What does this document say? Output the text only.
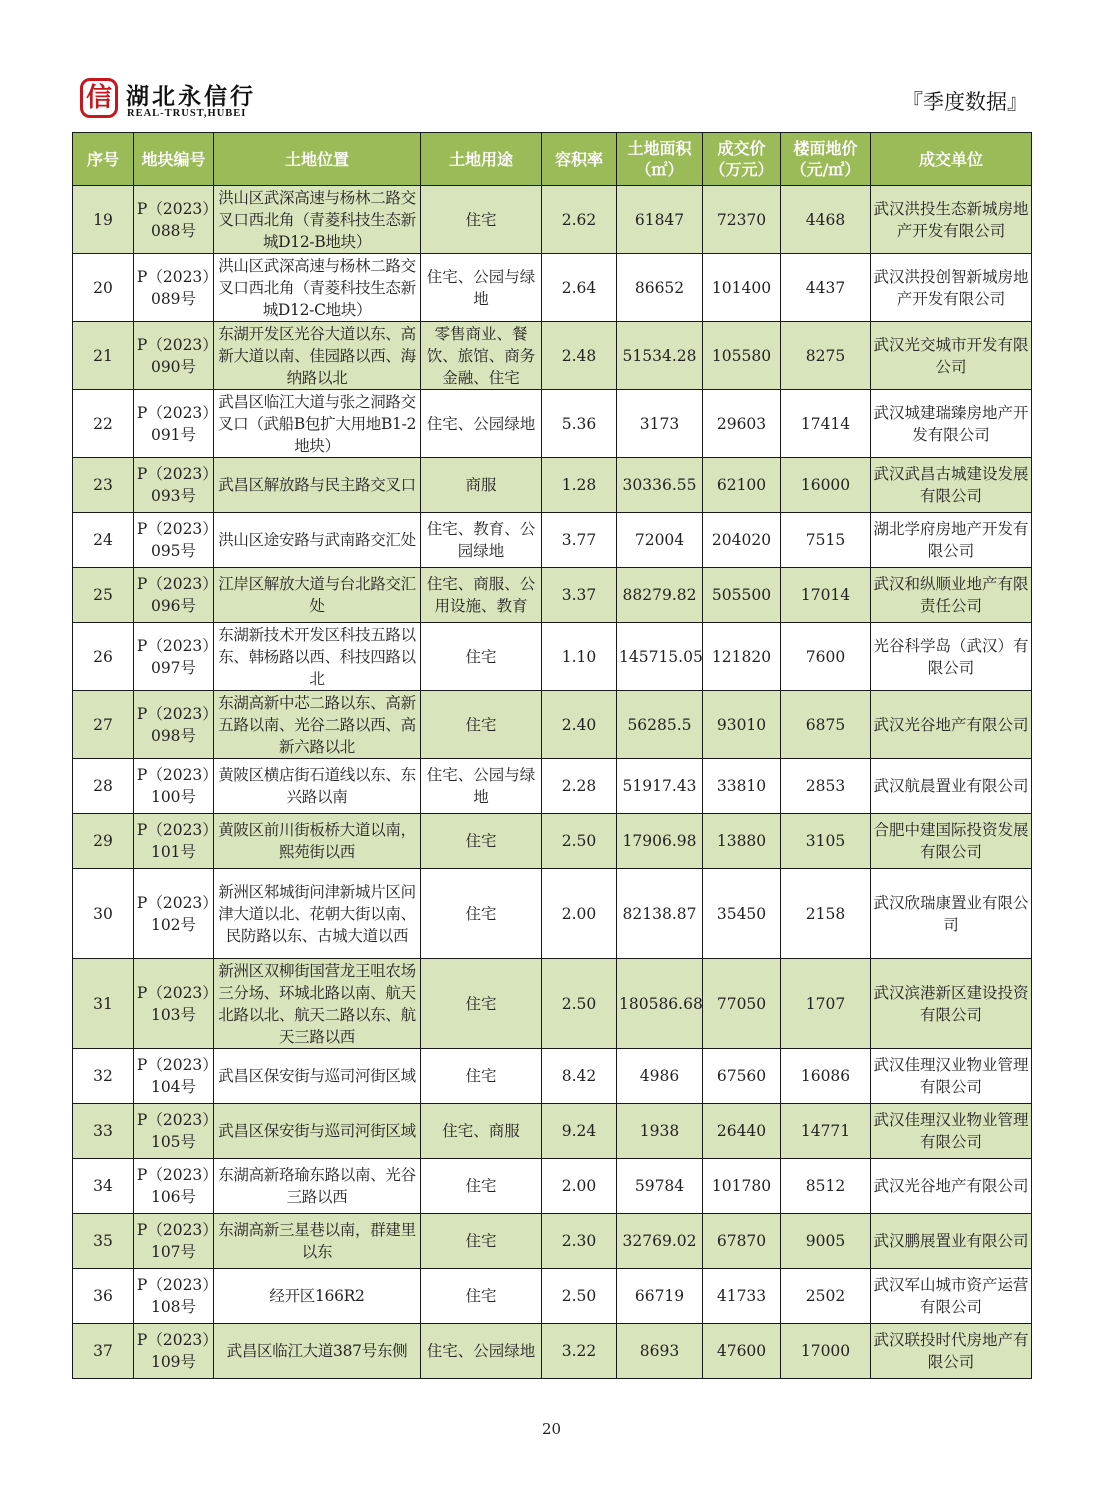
信 湖北永信行
REAL-TRUST,HUBEI	『季度数据』
序号	地块编号	土地位置	土地用途	容积率	土地面积（㎡）	成交价（万元）	楼面地价（元/㎡）	成交单位
19	P（2023）088号	洪山区武深高速与杨林二路交叉口西北角（青菱科技生态新城D12-B地块）	住宅	2.62	61847	72370	4468	武汉洪投生态新城房地产开发有限公司
20	P（2023）089号	洪山区武深高速与杨林二路交叉口西北角（青菱科技生态新城D12-C地块）	住宅、公园与绿地	2.64	86652	101400	4437	武汉洪投创智新城房地产开发有限公司
21	P（2023）090号	东湖开发区光谷大道以东、高新大道以南、佳园路以西、海纳路以北	零售商业、餐饮、旅馆、商务金融、住宅	2.48	51534.28	105580	8275	武汉光交城市开发有限公司
22	P（2023）091号	武昌区临江大道与张之洞路交叉口（武船B包扩大用地B1-2地块）	住宅、公园绿地	5.36	3173	29603	17414	武汉城建瑞臻房地产开发有限公司
23	P（2023）093号	武昌区解放路与民主路交叉口	商服	1.28	30336.55	62100	16000	武汉武昌古城建设发展有限公司
24	P（2023）095号	洪山区途安路与武南路交汇处	住宅、教育、公园绿地	3.77	72004	204020	7515	湖北学府房地产开发有限公司
25	P（2023）096号	江岸区解放大道与台北路交汇处	住宅、商服、公用设施、教育	3.37	88279.82	505500	17014	武汉和纵顺业地产有限责任公司
26	P（2023）097号	东湖新技术开发区科技五路以东、韩杨路以西、科技四路以北	住宅	1.10	145715.05	121820	7600	光谷科学岛（武汉）有限公司
27	P（2023）098号	东湖高新中芯二路以东、高新五路以南、光谷二路以西、高新六路以北	住宅	2.40	56285.5	93010	6875	武汉光谷地产有限公司
28	P（2023）100号	黄陂区横店街石道线以东、东兴路以南	住宅、公园与绿地	2.28	51917.43	33810	2853	武汉航晨置业有限公司
29	P（2023）101号	黄陂区前川街板桥大道以南，熙苑街以西	住宅	2.50	17906.98	13880	3105	合肥中建国际投资发展有限公司
30	P（2023）102号	新洲区邾城街问津新城片区问津大道以北、花朝大街以南、民防路以东、古城大道以西	住宅	2.00	82138.87	35450	2158	武汉欣瑞康置业有限公司
31	P（2023）103号	新洲区双柳街国营龙王咀农场三分场、环城北路以南、航天北路以北、航天二路以东、航天三路以西	住宅	2.50	180586.68	77050	1707	武汉滨港新区建设投资有限公司
32	P（2023）104号	武昌区保安街与巡司河街区域	住宅	8.42	4986	67560	16086	武汉佳理汉业物业管理有限公司
33	P（2023）105号	武昌区保安街与巡司河街区域	住宅、商服	9.24	1938	26440	14771	武汉佳理汉业物业管理有限公司
34	P（2023）106号	东湖高新珞瑜东路以南、光谷三路以西	住宅	2.00	59784	101780	8512	武汉光谷地产有限公司
35	P（2023）107号	东湖高新三星巷以南，群建里以东	住宅	2.30	32769.02	67870	9005	武汉鹏展置业有限公司
36	P（2023）108号	经开区166R2	住宅	2.50	66719	41733	2502	武汉军山城市资产运营有限公司
37	P（2023）109号	武昌区临江大道387号东侧	住宅、公园绿地	3.22	8693	47600	17000	武汉联投时代房地产有限公司
20
